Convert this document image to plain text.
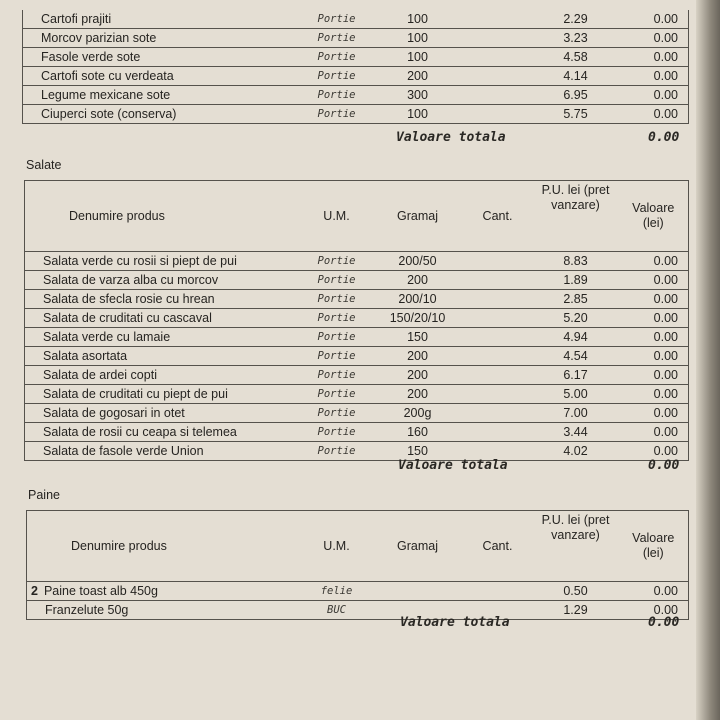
Cartofi prajiti	Portie	100		2.29	0.00
Morcov parizian sote	Portie	100		3.23	0.00
Fasole verde sote	Portie	100		4.58	0.00
Cartofi sote cu verdeata	Portie	200		4.14	0.00
Legume mexicane sote	Portie	300		6.95	0.00
Ciuperci sote (conserva)	Portie	100		5.75	0.00
Valoare totala	0.00
Salate
Denumire produs	U.M.	Gramaj	Cant.	P.U. lei (pret vanzare)	Valoare (lei)
Salata verde cu rosii si piept de pui	Portie	200/50		8.83	0.00
Salata de varza alba cu morcov	Portie	200		1.89	0.00
Salata de sfecla rosie cu hrean	Portie	200/10		2.85	0.00
Salata de cruditati cu cascaval	Portie	150/20/10		5.20	0.00
Salata verde cu lamaie	Portie	150		4.94	0.00
Salata asortata	Portie	200		4.54	0.00
Salata de ardei copti	Portie	200		6.17	0.00
Salata de cruditati cu piept de pui	Portie	200		5.00	0.00
Salata de gogosari in otet	Portie	200g		7.00	0.00
Salata de rosii cu ceapa si telemea	Portie	160		3.44	0.00
Salata de fasole verde Union	Portie	150		4.02	0.00
Valoare totala	0.00
Paine
Denumire produs	U.M.	Gramaj	Cant.	P.U. lei (pret vanzare)	Valoare (lei)
2 Paine toast alb 450g	felie			0.50	0.00
Franzelute 50g	BUC			1.29	0.00
Valoare totala	0.00
